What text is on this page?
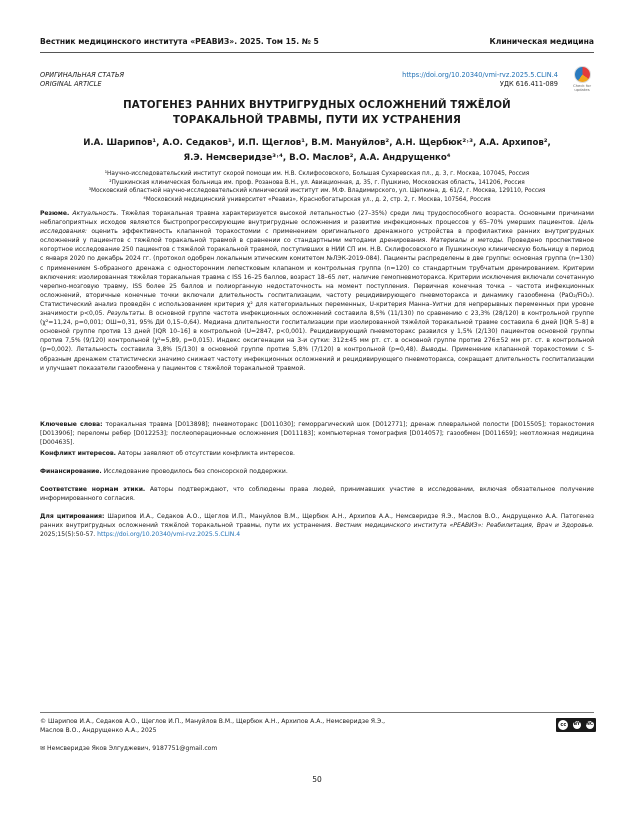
Вестник медицинского института «РЕАВИЗ». 2025. Том 15. № 5	Клиническая медицина
ОРИГИНАЛЬНАЯ СТАТЬЯ
ORIGINAL ARTICLE
https://doi.org/10.20340/vmi-rvz.2025.5.CLIN.4
УДК 616.411-089	Check for
updates
ПАТОГЕНЕЗ РАННИХ ВНУТРИГРУДНЫХ ОСЛОЖНЕНИЙ ТЯЖЁЛОЙ
ТОРАКАЛЬНОЙ ТРАВМЫ, ПУТИ ИХ УСТРАНЕНИЯ
И.А. Шарипов¹, А.О. Седаков¹, И.П. Щеглов¹, В.М. Мануйлов², А.Н. Щербюк²˒³, А.А. Архипов²,
Я.Э. Немсверидзе³˒⁴, В.О. Маслов², А.А. Андрущенко⁴
¹Научно-исследовательский институт скорой помощи им. Н.В. Склифосовского, Большая Сухаревская пл., д. 3, г. Москва, 107045, Россия
²Пушкинская клиническая больница им. проф. Розанова В.Н., ул. Авиационная, д. 35, г. Пушкино, Московская область, 141206, Россия
³Московский областной научно-исследовательский клинический институт им. М.Ф. Владимирского, ул. Щепкина, д. 61/2, г. Москва, 129110, Россия
⁴Московский медицинский университет «Реавиз», Краснобогатырская ул., д. 2, стр. 2, г. Москва, 107564, Россия

Резюме. Актуальность. Тяжёлая торакальная травма характеризуется высокой летальностью (27–35%) среди лиц трудоспособного возраста. Основными причинами неблагоприятных исходов являются быстропрогрессирующие внутригрудные осложнения и развитие инфекционных процессов у 65–70% умерших пациентов. Цель исследования: оценить эффективность клапанной торакостомии с применением оригинального дренажного устройства в профилактике ранних внутригрудных осложнений у пациентов с тяжёлой торакальной травмой в сравнении со стандартными методами дренирования. Материалы и методы. Проведено проспективное когортное исследование 250 пациентов с тяжёлой торакальной травмой, поступивших в НИИ СП им. Н.В. Склифосовского и Пушкинскую клиническую больницу в период с января 2020 по декабрь 2024 гг. (протокол одобрен локальным этическим комитетом №ЛЭК-2019-084). Пациенты распределены в две группы: основная группа (n=130) с применением S-образного дренажа с односторонним лепестковым клапаном и контрольная группа (n=120) со стандартным трубчатым дренированием. Критерии включения: изолированная тяжёлая торакальная травма с ISS 16–25 баллов, возраст 18–65 лет, наличие гемопневмоторакса. Критерии исключения включали сочетанную черепно-мозговую травму, ISS более 25 баллов и полиорганную недостаточность на момент поступления. Первичная конечная точка – частота инфекционных осложнений, вторичные конечные точки включали длительность госпитализации, частоту рецидивирующего пневмоторакса и динамику газообмена (PaO₂/FiO₂). Статистический анализ проведён с использованием критерия χ² для категориальных переменных, U-критерия Манна–Уитни для непрерывных переменных при уровне значимости p<0,05. Результаты. В основной группе частота инфекционных осложнений составила 8,5% (11/130) по сравнению с 23,3% (28/120) в контрольной группе (χ²=11,24, p=0,001; ОШ=0,31, 95% ДИ 0,15–0,64). Медиана длительности госпитализации при изолированной тяжёлой торакальной травме составила 6 дней [IQR 5–8] в основной группе против 13 дней [IQR 10–16] в контрольной (U=2847, p<0,001). Рецидивирующий пневмоторакс развился у 1,5% (2/130) пациентов основной группы против 7,5% (9/120) контрольной (χ²=5,89, p=0,015). Индекс оксигенации на 3-и сутки: 312±45 мм рт. ст. в основной группе против 276±52 мм рт. ст. в контрольной (p=0,002). Летальность составила 3,8% (5/130) в основной группе против 5,8% (7/120) в контрольной (p=0,48). Выводы. Применение клапанной торакостомии с S-образным дренажем статистически значимо снижает частоту инфекционных осложнений и рецидивирующего пневмоторакса, сокращает длительность госпитализации и улучшает показатели газообмена у пациентов с тяжёлой торакальной травмой.

Ключевые слова: торакальная травма [D013898]; пневмоторакс [D011030]; геморрагический шок [D012771]; дренаж плевральной полости [D015505]; торакостомия [D013906]; переломы ребер [D012253]; послеоперационные осложнения [D011183]; компьютерная томография [D014057]; газообмен [D011659]; неотложная медицина [D004635].

Конфликт интересов. Авторы заявляют об отсутствии конфликта интересов.

Финансирование. Исследование проводилось без спонсорской поддержки.

Соответствие нормам этики. Авторы подтверждают, что соблюдены права людей, принимавших участие в исследовании, включая обязательное получение информированного согласия.

Для цитирования: Шарипов И.А., Седаков А.О., Щеглов И.П., Мануйлов В.М., Щербюк А.Н., Архипов А.А., Немсверидзе Я.Э., Маслов В.О., Андрущенко А.А. Патогенез ранних внутригрудных осложнений тяжёлой торакальной травмы, пути их устранения. Вестник медицинского института «РЕАВИЗ»: Реабилитация, Врач и Здоровье. 2025;15(5):50-57. https://doi.org/10.20340/vmi-rvz.2025.5.CLIN.4

© Шарипов И.А., Седаков А.О., Щеглов И.П., Мануйлов В.М., Щербюк А.Н., Архипов А.А., Немсверидзе Я.Э.,
Маслов В.О., Андрущенко А.А., 2025
✉ Немсверидзе Яков Элгуджевич, 9187751@gmail.com
cc	BY NC
50
